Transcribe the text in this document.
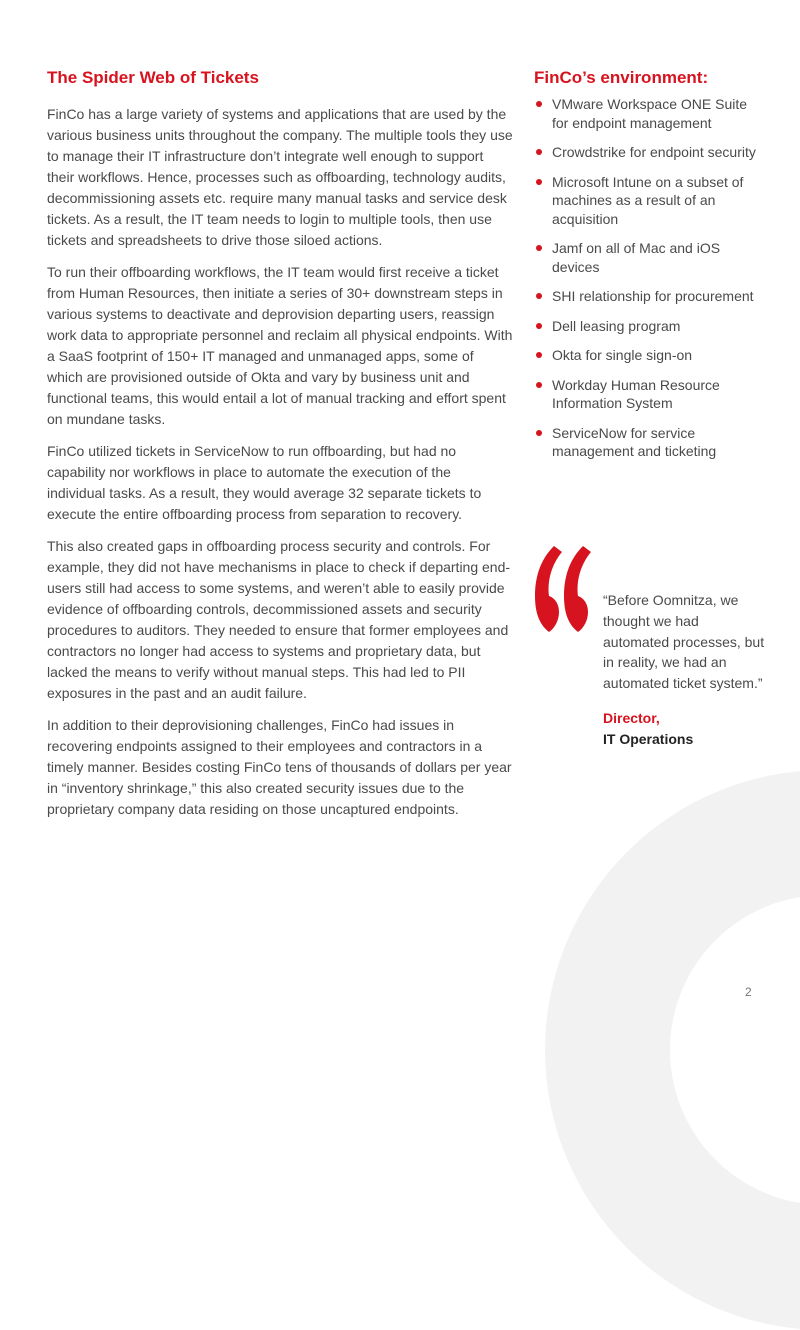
The Spider Web of Tickets

FinCo has a large variety of systems and applications that are used by the various business units throughout the company. The multiple tools they use to manage their IT infrastructure don’t integrate well enough to support their workflows. Hence, processes such as offboarding, technology audits, decommissioning assets etc. require many manual tasks and service desk tickets. As a result, the IT team needs to login to multiple tools, then use tickets and spreadsheets to drive those siloed actions.

To run their offboarding workflows, the IT team would first receive a ticket from Human Resources, then initiate a series of 30+ downstream steps in various systems to deactivate and deprovision departing users, reassign work data to appropriate personnel and reclaim all physical endpoints. With a SaaS footprint of 150+ IT managed and unmanaged apps, some of which are provisioned outside of Okta and vary by business unit and functional teams, this would entail a lot of manual tracking and effort spent on mundane tasks.

FinCo utilized tickets in ServiceNow to run offboarding, but had no capability nor workflows in place to automate the execution of the individual tasks. As a result, they would average 32 separate tickets to execute the entire offboarding process from separation to recovery.

This also created gaps in offboarding process security and controls. For example, they did not have mechanisms in place to check if departing end-users still had access to some systems, and weren’t able to easily provide evidence of offboarding controls, decommissioned assets and security procedures to auditors. They needed to ensure that former employees and contractors no longer had access to systems and proprietary data, but lacked the means to verify without manual steps. This had led to PII exposures in the past and an audit failure.

In addition to their deprovisioning challenges, FinCo had issues in recovering endpoints assigned to their employees and contractors in a timely manner. Besides costing FinCo tens of thousands of dollars per year in “inventory shrinkage,” this also created security issues due to the proprietary company data residing on those uncaptured endpoints.

FinCo’s environment:
VMware Workspace ONE Suite for endpoint management
Crowdstrike for endpoint security
Microsoft Intune on a subset of machines as a result of an acquisition
Jamf on all of Mac and iOS devices
SHI relationship for procurement
Dell leasing program
Okta for single sign-on
Workday Human Resource Information System
ServiceNow for service management and ticketing

“Before Oomnitza, we thought we had automated processes, but in reality, we had an automated ticket system.”

Director,
IT Operations
2
